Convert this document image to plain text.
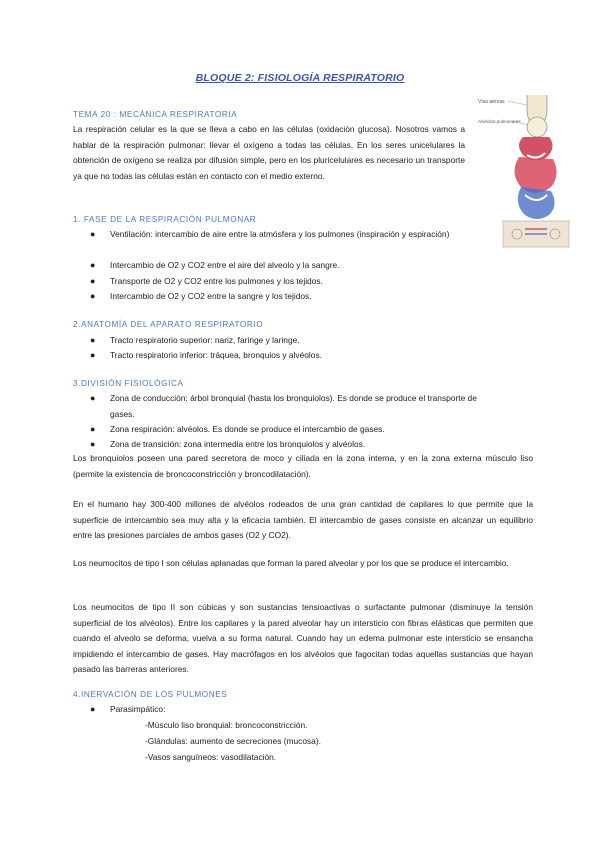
BLOQUE 2: FISIOLOGÍA RESPIRATORIO
TEMA 20 : MECÁNICA RESPIRATORIA

La respiración celular es la que se lleva a cabo en las células (oxidación glucosa). Nosotros vamos a hablar de la respiración pulmonar: llevar el oxígeno a todas las células. En los seres unicelulares la obtención de oxígeno se realiza por difusión simple, pero en los pluricelulares es necesario un transporte ya que no todas las células están en contacto con el medio externo.

Vías aéreas
Alvéolos pulmonares
1. FASE DE LA RESPIRACIÓN PULMONAR
● Ventilación: intercambio de aire entre la atmósfera y los pulmones (inspiración y espiración)
● Intercambio de O2 y CO2 entre el aire del alveolo y la sangre.
● Transporte de O2 y CO2 entre los pulmones y los tejidos.
● Intercambio de O2 y CO2 entre la sangre y los tejidos.
2.ANATOMÍA DEL APARATO RESPIRATORIO
● Tracto respiratorio superior: nariz, faringe y laringe.
● Tracto respiratorio inferior: tráquea, bronquios y alvéolos.
3.DIVISIÓN FISIOLÓGICA
● Zona de conducción: árbol bronquial (hasta los bronquiolos). Es donde se produce el transporte de gases.
● Zona respiración: alvéolos. Es donde se produce el intercambio de gases.
● Zona de transición: zona intermedia entre los bronquiolos y alvéolos.

Los bronquiolos poseen una pared secretora de moco y ciliada en la zona interna, y en la zona externa músculo liso (permite la existencia de broncoconstricción y broncodilatación).

En el humano hay 300-400 millones de alvéolos rodeados de una gran cantidad de capilares lo que permite que la superficie de intercambio sea muy alta y la eficacia también. El intercambio de gases consiste en alcanzar un equilibrio entre las presiones parciales de ambos gases (O2 y CO2).

Los neumocitos de tipo I son células aplanadas que forman la pared alveolar y por los que se produce el intercambio.

Los neumocitos de tipo II son cúbicas y son sustancias tensioactivas o surfactante pulmonar (disminuye la tensión superficial de los alvéolos). Entre los capilares y la pared alveolar hay un intersticio con fibras elásticas que permiten que cuando el alveolo se deforma, vuelva a su forma natural. Cuando hay un edema pulmonar este intersticio se ensancha impidiendo el intercambio de gases. Hay macrófagos en los alvéolos que fagocitan todas aquellas sustancias que hayan pasado las barreras anteriores.

4.INERVACIÓN DE LOS PULMONES
● Parasimpático:
-Músculo liso bronquial: broncoconstricción.
-Glándulas: aumento de secreciones (mucosa).
-Vasos sanguíneos: vasodilatación.
